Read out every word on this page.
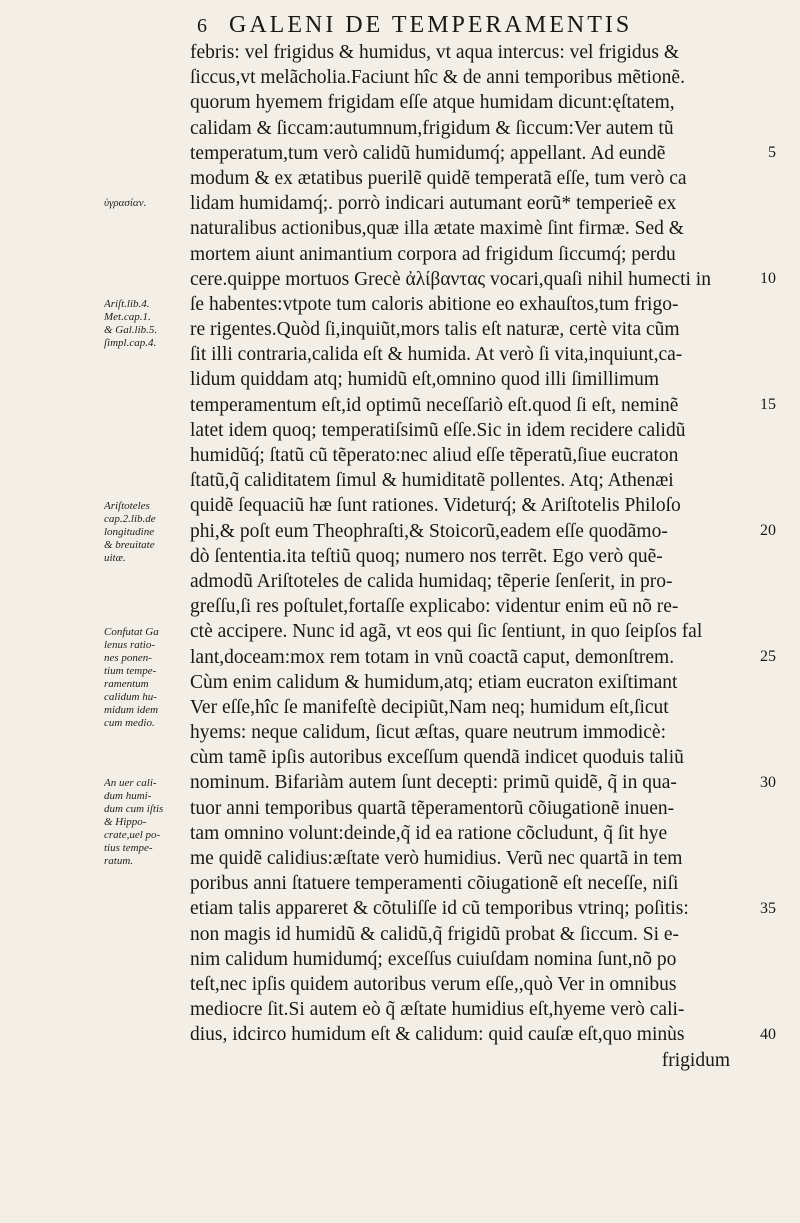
6 GALENI DE TEMPERAMENTIS
febris: vel frigidus & humidus, vt aqua intercus: vel frigidus &
ſiccus,vt melãcholia.Faciunt hîc & de anni temporibus mẽtionẽ.
quorum hyemem frigidam eſſe atque humidam dicunt:ęſtatem,
calidam & ſiccam:autumnum,frigidum & ſiccum:Ver autem tũ
temperatum,tum verò calidũ humidumq́; appellant. Ad eundẽ
modum & ex ætatibus puerilẽ quidẽ temperatã eſſe, tum verò ca
lidam humidamq́;. porrò indicari autumant eorũ* temperieẽ ex
naturalibus actionibus,quæ illa ætate maximè ſint firmæ. Sed &
mortem aiunt animantium corpora ad frigidum ſiccumq́; perdu
cere.quippe mortuos Grecè ἀλίβαντας vocari,quaſi nihil humecti in
ſe habentes:vtpote tum caloris abitione eo exhauſtos,tum frigo-
re rigentes.Quòd ſi,inquiũt,mors talis eſt naturæ, certè vita cũm
ſit illi contraria,calida eſt & humida. At verò ſi vita,inquiunt,ca-
lidum quiddam atq; humidũ eſt,omnino quod illi ſimillimum
temperamentum eſt,id optimũ neceſſariò eſt.quod ſi eſt, neminẽ
latet idem quoq; temperatiſsimũ eſſe.Sic in idem recidere calidũ
humidũq́; ſtatũ cũ tẽperato:nec aliud eſſe tẽperatũ,ſiue eucraton
ſtatũ,q̃ caliditatem ſimul & humiditatẽ pollentes. Atq; Athenæi
quidẽ ſequaciũ hæ ſunt rationes. Videturq́; & Ariſtotelis Philoſo
phi,& poſt eum Theophraſti,& Stoicorũ,eadem eſſe quodãmo-
dò ſententia.ita teſtiũ quoq; numero nos terrẽt. Ego verò quẽ-
admodũ Ariſtoteles de calida humidaq; tẽperie ſenſerit, in pro-
greſſu,ſi res poſtulet,fortaſſe explicabo: videntur enim eũ nõ re-
ctè accipere. Nunc id agã, vt eos qui ſic ſentiunt, in quo ſeipſos fal
lant,doceam:mox rem totam in vnũ coactã caput, demonſtrem.
Cùm enim calidum & humidum,atq; etiam eucraton exiſtimant
Ver eſſe,hîc ſe manifeſtè decipiũt,Nam neq; humidum eſt,ſicut
hyems: neque calidum, ſicut æſtas, quare neutrum immodicè:
cùm tamẽ ipſis autoribus exceſſum quendã indicet quoduis taliũ
nominum. Bifariàm autem ſunt decepti: primũ quidẽ, q̃ in qua-
tuor anni temporibus quartã tẽperamentorũ cõiugationẽ inuen-
tam omnino volunt:deinde,q̃ id ea ratione cõcludunt, q̃ ſit hye
me quidẽ calidius:æſtate verò humidius. Verũ nec quartã in tem
poribus anni ſtatuere temperamenti cõiugationẽ eſt neceſſe, niſi
etiam talis appareret & cõtuliſſe id cũ temporibus vtrinq; poſitis:
non magis id humidũ & calidũ,q̃ frigidũ probat & ſiccum. Si e-
nim calidum humidumq́; exceſſus cuiuſdam nomina ſunt,nõ po
teſt,nec ipſis quidem autoribus verum eſſe,,quò Ver in omnibus
mediocre ſit.Si autem eò q̃ æſtate humidius eſt,hyeme verò cali-
dius, idcirco humidum eſt & calidum: quid cauſæ eſt,quo minùs
frigidum
ὑγρασίαν.
Ariſt.lib.4.
Met.cap.1.
& Gal.lib.5.
ſimpl.cap.4.
Ariſtoteles
cap.2.lib.de
longitudine
& breuitate
uitæ.
Confutat Ga
lenus ratio-
nes ponen-
tium tempe-
ramentum
calidum hu-
midum idem
cum medio.
An uer cali-
dum humi-
dum cum iſtis
& Hippo-
crate,uel po-
tius tempe-
ratum.
5
10
15
20
25
30
35
40
